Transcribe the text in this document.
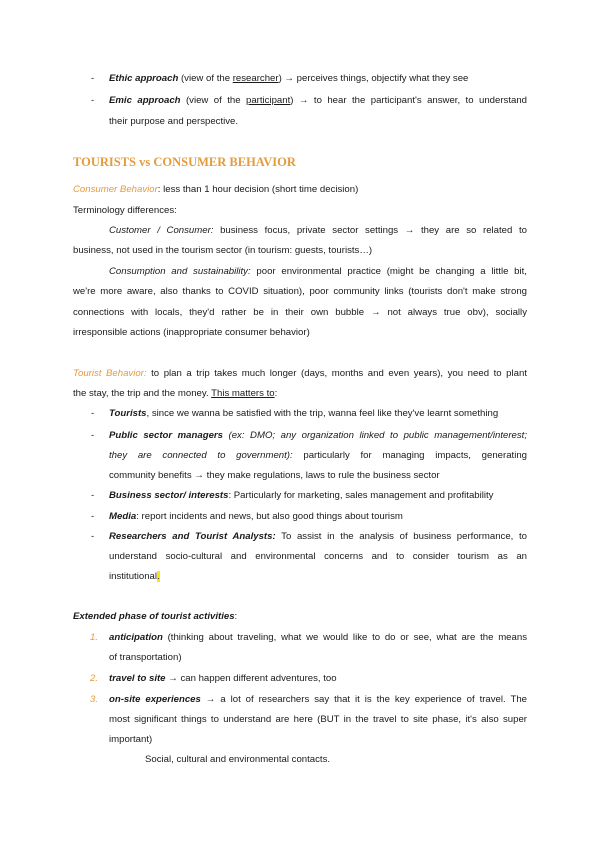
- Ethic approach (view of the researcher) → perceives things, objectify what they see
- Emic approach (view of the participant) → to hear the participant's answer, to understand
their purpose and perspective.
TOURISTS vs CONSUMER BEHAVIOR
Consumer Behavior: less than 1 hour decision (short time decision)
Terminology differences:
Customer / Consumer: business focus, private sector settings → they are so related to
business, not used in the tourism sector (in tourism: guests, tourists…)
Consumption and sustainability: poor environmental practice (might be changing a little bit,
we're more aware, also thanks to COVID situation), poor community links (tourists don't make strong
connections with locals, they'd rather be in their own bubble → not always true obv), socially
irresponsible actions (inappropriate consumer behavior)
Tourist Behavior: to plan a trip takes much longer (days, months and even years), you need to plant
the stay, the trip and the money. This matters to:
- Tourists, since we wanna be satisfied with the trip, wanna feel like they've learnt something
- Public sector managers (ex: DMO; any organization linked to public management/interest;
they are connected to government): particularly for managing impacts, generating
community benefits → they make regulations, laws to rule the business sector
- Business sector/ interests: Particularly for marketing, sales management and profitability
- Media: report incidents and news, but also good things about tourism
- Researchers and Tourist Analysts: To assist in the analysis of business performance, to
understand socio-cultural and environmental concerns and to consider tourism as an
institutional.
Extended phase of tourist activities:
1. anticipation (thinking about traveling, what we would like to do or see, what are the means
of transportation)
2. travel to site → can happen different adventures, too
3. on-site experiences → a lot of researchers say that it is the key experience of travel. The
most significant things to understand are here (BUT in the travel to site phase, it's also super
important)
Social, cultural and environmental contacts.
